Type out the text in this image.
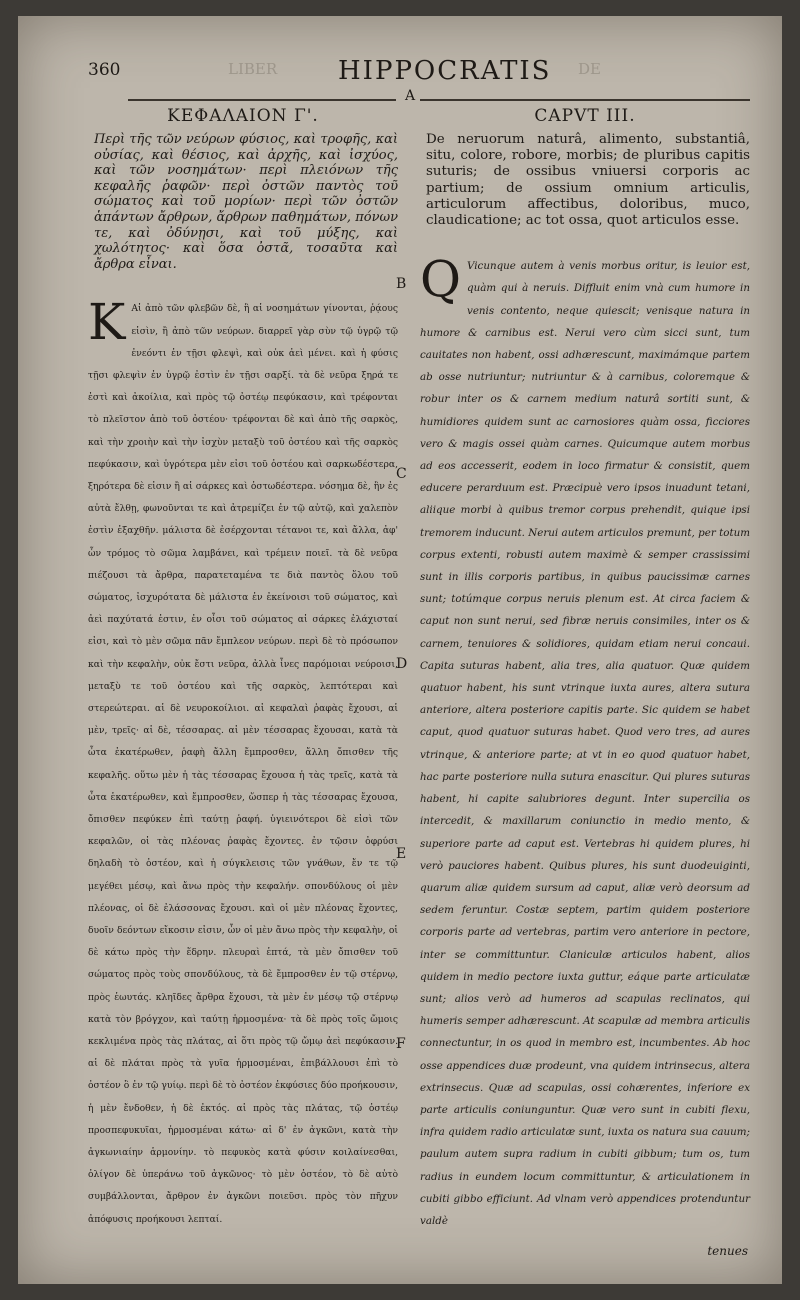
360	LIBER HIPPOCRATIS DE
A
ΚΕΦΑΛΑΙΟΝ Γ'.
Περὶ τῆς τῶν νεύρων φύσιος, καὶ τροφῆς, καὶ οὐσίας, καὶ θέσιος, καὶ ἀρχῆς, καὶ ἰσχύος, καὶ τῶν νοσημάτων· περὶ πλειόνων τῆς κεφαλῆς ῥαφῶν· περὶ ὀστῶν παντὸς τοῦ σώματος καὶ τοῦ μορίων· περὶ τῶν ὀστῶν ἁπάντων ἄρθρων, ἄρθρων παθημάτων, πόνων τε, καὶ ὀδύνῃσι, καὶ τοῦ μύξης, καὶ χωλότητος· καὶ ὅσα ὀστᾶ, τοσαῦτα καὶ ἄρθρα εἶναι.
Κ Αἱ ἀπὸ τῶν φλεβῶν δὲ, ἢ αἱ νοσημάτων γίνονται, ῥᾴους εἰσὶν, ἢ ἀπὸ τῶν νεύρων. διαρρεῖ γὰρ σὺν τῷ ὑγρῷ τῷ ἐνεόντι ἐν τῇσι φλεψὶ, καὶ οὐκ ἀεὶ μένει. καὶ ἡ φύσις τῇσι φλεψὶν ἐν ὑγρῷ ἐστὶν ἐν τῇσι σαρξί. τὰ δὲ νεῦρα ξηρά τε ἐστὶ καὶ ἀκοίλια, καὶ πρὸς τῷ ὀστέῳ πεφύκασιν, καὶ τρέφονται τὸ πλεῖστον ἀπὸ τοῦ ὀστέου· τρέφονται δὲ καὶ ἀπὸ τῆς σαρκὸς, καὶ τὴν χροιὴν καὶ τὴν ἰσχὺν μεταξὺ τοῦ ὀστέου καὶ τῆς σαρκὸς πεφύκασιν, καὶ ὑγρότερα μὲν εἰσι τοῦ ὀστέου καὶ σαρκωδέστερα, ξηρότερα δὲ εἰσιν ἢ αἱ σάρκες καὶ ὀστωδέστερα. νόσημα δὲ, ἢν ἐς αὐτὰ ἔλθῃ, φωνοῦνται τε καὶ ἀτρεμίζει ἐν τῷ αὐτῷ, καὶ χαλεπὸν ἐστὶν ἐξαχθῆν. μάλιστα δὲ ἐσέρχονται τέτανοι τε, καὶ ἄλλα, ἀφ' ὧν τρόμος τὸ σῶμα λαμβάνει, καὶ τρέμειν ποιεῖ. τὰ δὲ νεῦρα πιέζουσι τὰ ἄρθρα, παρατεταμένα τε διὰ παντὸς ὅλου τοῦ σώματος, ἰσχυρότατα δὲ μάλιστα ἐν ἐκείνοισι τοῦ σώματος, καὶ ἀεὶ παχύτατά ἐστιν, ἐν οἷσι τοῦ σώματος αἱ σάρκες ἐλάχισταί εἰσι, καὶ τὸ μὲν σῶμα πᾶν ἔμπλεον νεύρων. περὶ δὲ τὸ πρόσωπον καὶ τὴν κεφαλὴν, οὐκ ἔστι νεῦρα, ἀλλὰ ἶνες παρόμοιαι νεύροισι, μεταξὺ τε τοῦ ὀστέου καὶ τῆς σαρκὸς, λεπτότεραι καὶ στερεώτεραι. αἱ δὲ νευροκοίλιοι. αἱ κεφαλαὶ ῥαφὰς ἔχουσι, αἱ μὲν, τρεῖς· αἱ δὲ, τέσσαρας. αἱ μὲν τέσσαρας ἔχουσαι, κατὰ τὰ ὦτα ἑκατέρωθεν, ῥαφὴ ἄλλη ἔμπροσθεν, ἄλλη ὄπισθεν τῆς κεφαλῆς. οὕτω μὲν ἡ τὰς τέσσαρας ἔχουσα ἡ τὰς τρεῖς, κατὰ τὰ ὦτα ἑκατέρωθεν, καὶ ἔμπροσθεν, ὥσπερ ἡ τὰς τέσσαρας ἔχουσα, ὄπισθεν πεφύκεν ἐπὶ ταύτῃ ῥαφή. ὑγιεινότεροι δὲ εἰσὶ τῶν κεφαλῶν, οἱ τὰς πλέονας ῥαφὰς ἔχοντες. ἐν τῷσιν ὀφρύσι δηλαδὴ τὸ ὀστέον, καὶ ἡ σύγκλεισις τῶν γνάθων, ἔν τε τῷ μεγέθει μέσῳ, καὶ ἄνω πρὸς τὴν κεφαλήν. σπονδύλους οἱ μὲν πλέονας, οἱ δὲ ἐλάσσονας ἔχουσι. καὶ οἱ μὲν πλέονας ἔχοντες, δυοῖν δεόντων εἴκοσιν εἰσιν, ὧν οἱ μὲν ἄνω πρὸς τὴν κεφαλὴν, οἱ δὲ κάτω πρὸς τὴν ἕδρην. πλευραὶ ἑπτά, τὰ μὲν ὄπισθεν τοῦ σώματος πρὸς τοὺς σπονδύλους, τὰ δὲ ἔμπροσθεν ἐν τῷ στέρνῳ, πρὸς ἑωυτάς. κληῖδες ἄρθρα ἔχουσι, τὰ μὲν ἐν μέσῳ τῷ στέρνῳ κατὰ τὸν βρόγχον, καὶ ταύτῃ ἡρμοσμένα· τὰ δὲ πρὸς τοῖς ὤμοις κεκλιμένα πρὸς τὰς πλάτας, αἱ ὅτι πρὸς τῷ ὤμῳ ἀεὶ πεφύκασιν. αἱ δὲ πλάται πρὸς τὰ γυῖα ἡρμοσμέναι, ἐπιβάλλουσι ἐπὶ τὸ ὀστέον ὃ ἐν τῷ γυίῳ. περὶ δὲ τὸ ὀστέον ἐκφύσιες δύο προήκουσιν, ἡ μὲν ἔνδοθεν, ἡ δὲ ἐκτός. αἱ πρὸς τὰς πλάτας, τῷ ὀστέῳ προσπεφυκυῖαι, ἡρμοσμέναι κάτω· αἱ δ' ἐν ἀγκῶνι, κατὰ τὴν ἀγκωνιαίην ἁρμονίην. τὸ πεφυκὸς κατὰ φύσιν κοιλαίνεσθαι, ὀλίγον δὲ ὑπεράνω τοῦ ἀγκῶνος· τὸ μὲν ὀστέον, τὸ δὲ αὐτὸ συμβάλλονται, ἄρθρον ἐν ἀγκῶνι ποιεῦσι. πρὸς τὸν πῆχυν ἀπόφυσις προήκουσι λεπταί.
B
C
D
E
F
CAPVT III.
De neruorum naturâ, alimento, substantiâ, situ, colore, robore, morbis; de pluribus capitis suturis; de ossibus vniuersi corporis ac partium; de ossium omnium articulis, articulorum affectibus, doloribus, muco, claudicatione; ac tot ossa, quot articulos esse.
Q Vicunque autem à venis morbus oritur, is leuior est, quàm qui à neruis. Diffluit enim vnà cum humore in venis contento, neque quiescit; venisque natura in humore & carnibus est. Nerui vero cùm sicci sunt, tum cauitates non habent, ossi adhærescunt, maximámque partem ab osse nutriuntur; nutriuntur & à carnibus, coloremque & robur inter os & carnem medium naturâ sortiti sunt, & humidiores quidem sunt ac carnosiores quàm ossa, ficciores vero & magis ossei quàm carnes. Quicumque autem morbus ad eos accesserit, eodem in loco firmatur & consistit, quem educere perarduum est. Præcipuè vero ipsos inuadunt tetani, aliique morbi à quibus tremor corpus prehendit, quique ipsi tremorem inducunt. Nerui autem articulos premunt, per totum corpus extenti, robusti autem maximè & semper crassissimi sunt in illis corporis partibus, in quibus paucissimæ carnes sunt; totúmque corpus neruis plenum est. At circa faciem & caput non sunt nerui, sed fibræ neruis consimiles, inter os & carnem, tenuiores & solidiores, quidam etiam nerui concaui. Capita suturas habent, alia tres, alia quatuor. Quæ quidem quatuor habent, his sunt vtrinque iuxta aures, altera sutura anteriore, altera posteriore capitis parte. Sic quidem se habet caput, quod quatuor suturas habet. Quod vero tres, ad aures vtrinque, & anteriore parte; at vt in eo quod quatuor habet, hac parte posteriore nulla sutura enascitur. Qui plures suturas habent, hi capite salubriores degunt. Inter supercilia os intercedit, & maxillarum coniunctio in medio mento, & superiore parte ad caput est. Vertebras hi quidem plures, hi verò pauciores habent. Quibus plures, his sunt duodeuiginti, quarum aliæ quidem sursum ad caput, aliæ verò deorsum ad sedem feruntur. Costæ septem, partim quidem posteriore corporis parte ad vertebras, partim vero anteriore in pectore, inter se committuntur. Claniculæ articulos habent, alios quidem in medio pectore iuxta guttur, eáque parte articulatæ sunt; alios verò ad humeros ad scapulas reclinatos, qui humeris semper adhærescunt. At scapulæ ad membra articulis connectuntur, in os quod in membro est, incumbentes. Ab hoc osse appendices duæ prodeunt, vna quidem intrinsecus, altera extrinsecus. Quæ ad scapulas, ossi cohærentes, inferiore ex parte articulis coniunguntur. Quæ vero sunt in cubiti flexu, infra quidem radio articulatæ sunt, iuxta os natura sua cauum; paulum autem supra radium in cubiti gibbum; tum os, tum radius in eundem locum committuntur, & articulationem in cubiti gibbo efficiunt. Ad vlnam verò appendices protenduntur valdè
tenues
